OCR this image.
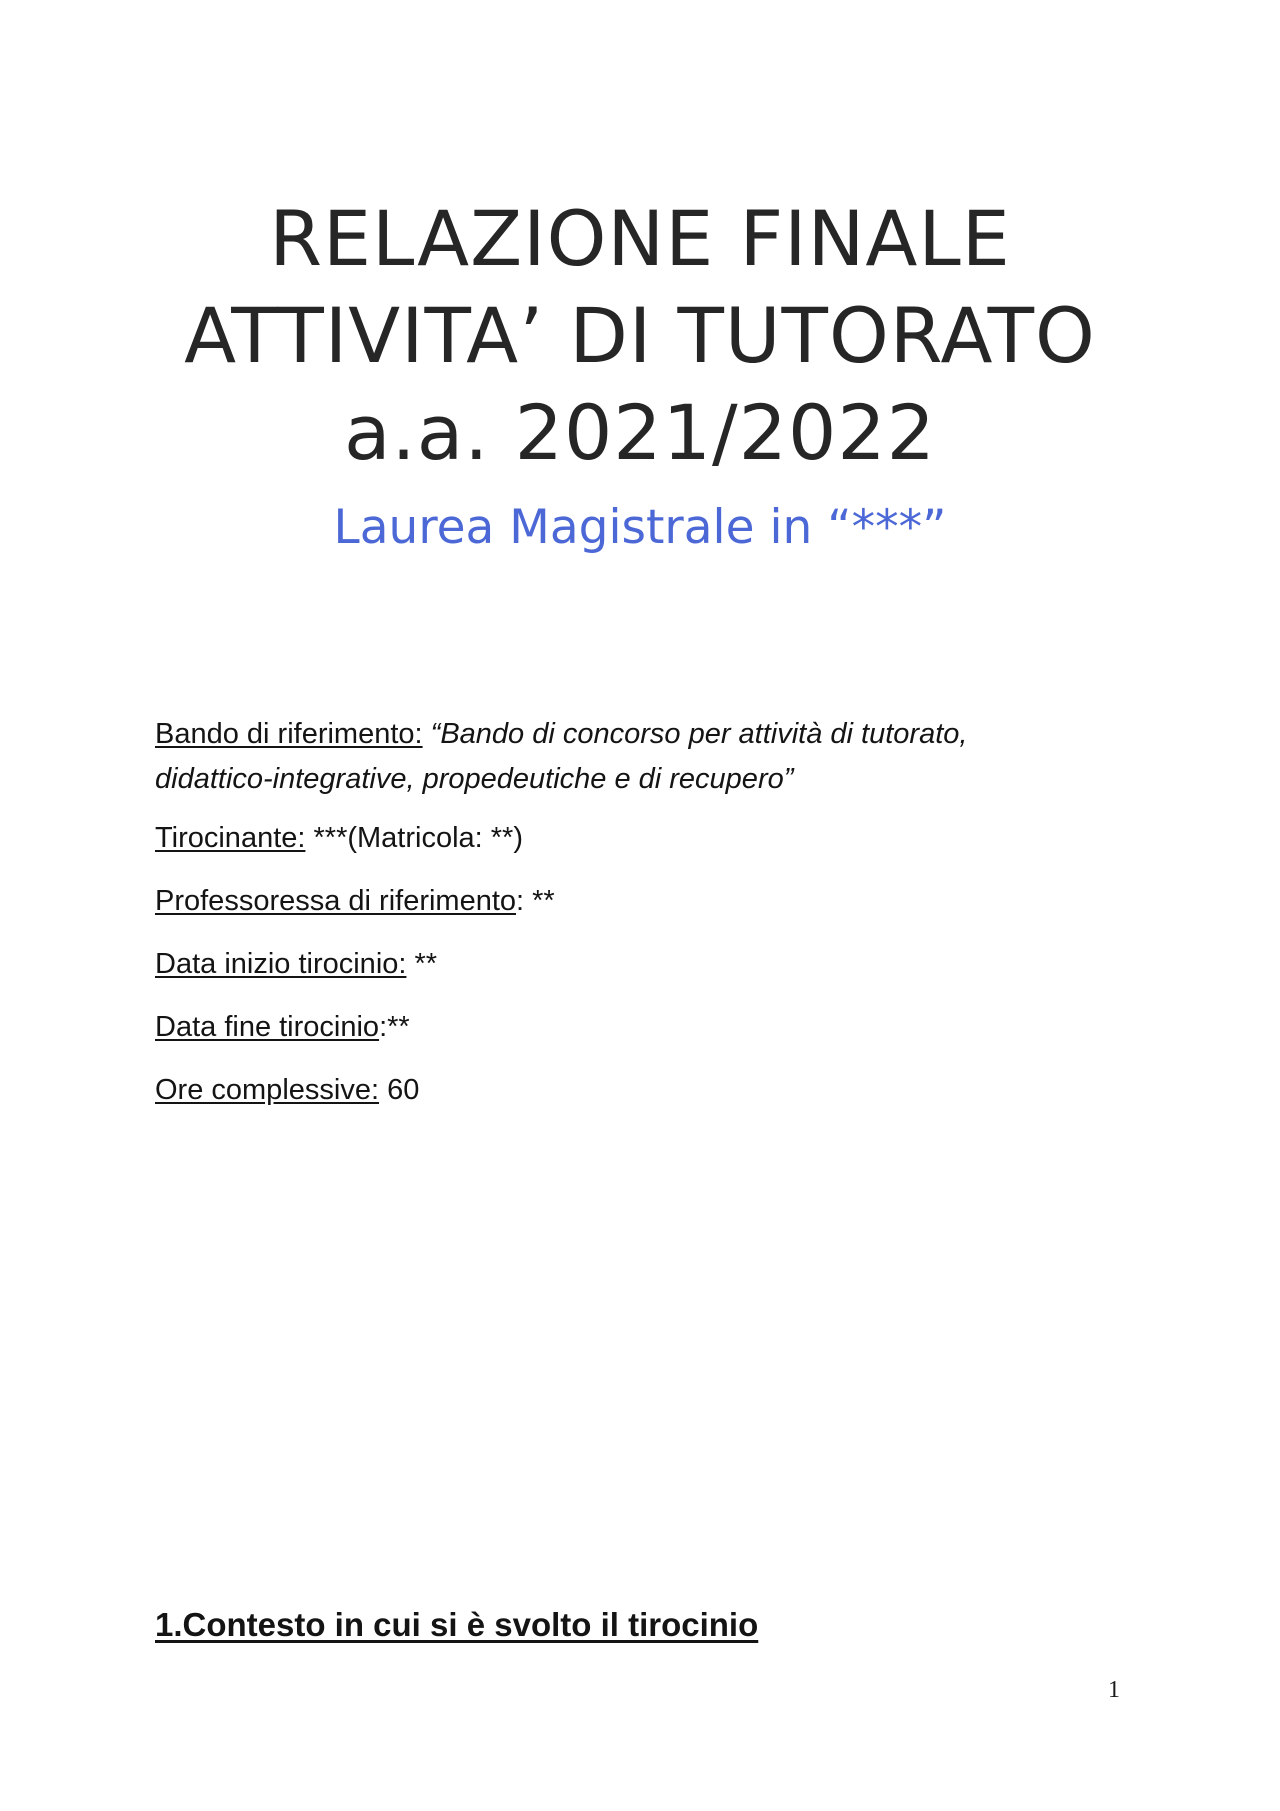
RELAZIONE FINALE
ATTIVITA’ DI TUTORATO
a.a. 2021/2022
Laurea Magistrale in “***”
Bando di riferimento: “Bando di concorso per attività di tutorato,
didattico-integrative, propedeutiche e di recupero”
Tirocinante: ***(Matricola: **)
Professoressa di riferimento: **
Data inizio tirocinio: **
Data fine tirocinio:**
Ore complessive: 60
1.Contesto in cui si è svolto il tirocinio
1
